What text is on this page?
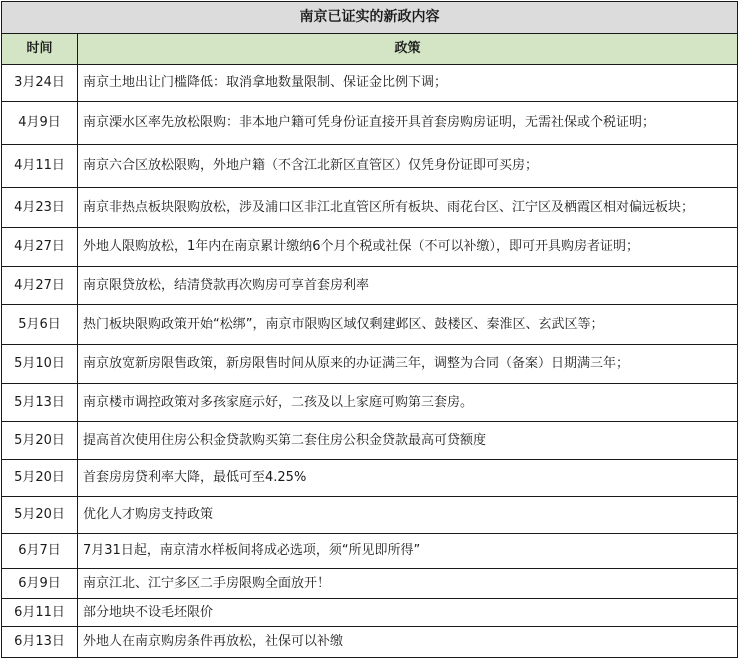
南京已证实的新政内容	
时间	政策
3月24日	南京土地出让门槛降低：取消拿地数量限制、保证金比例下调；
4月9日	南京溧水区率先放松限购：非本地户籍可凭身份证直接开具首套房购房证明，无需社保或个税证明；
4月11日	南京六合区放松限购，外地户籍（不含江北新区直管区）仅凭身份证即可买房；
4月23日	南京非热点板块限购放松，涉及浦口区非江北直管区所有板块、雨花台区、江宁区及栖霞区相对偏远板块；
4月27日	外地人限购放松，1年内在南京累计缴纳6个月个税或社保（不可以补缴），即可开具购房者证明；
4月27日	南京限贷放松，结清贷款再次购房可享首套房利率
5月6日	热门板块限购政策开始“松绑”，南京市限购区域仅剩建邺区、鼓楼区、秦淮区、玄武区等；
5月10日	南京放宽新房限售政策，新房限售时间从原来的办证满三年，调整为合同（备案）日期满三年；
5月13日	南京楼市调控政策对多孩家庭示好，二孩及以上家庭可购第三套房。
5月20日	提高首次使用住房公积金贷款购买第二套住房公积金贷款最高可贷额度
5月20日	首套房房贷利率大降，最低可至4.25%
5月20日	优化人才购房支持政策
6月7日	7月31日起，南京清水样板间将成必选项，须“所见即所得”
6月9日	南京江北、江宁多区二手房限购全面放开！
6月11日	部分地块不设毛坯限价
6月13日	外地人在南京购房条件再放松，社保可以补缴
